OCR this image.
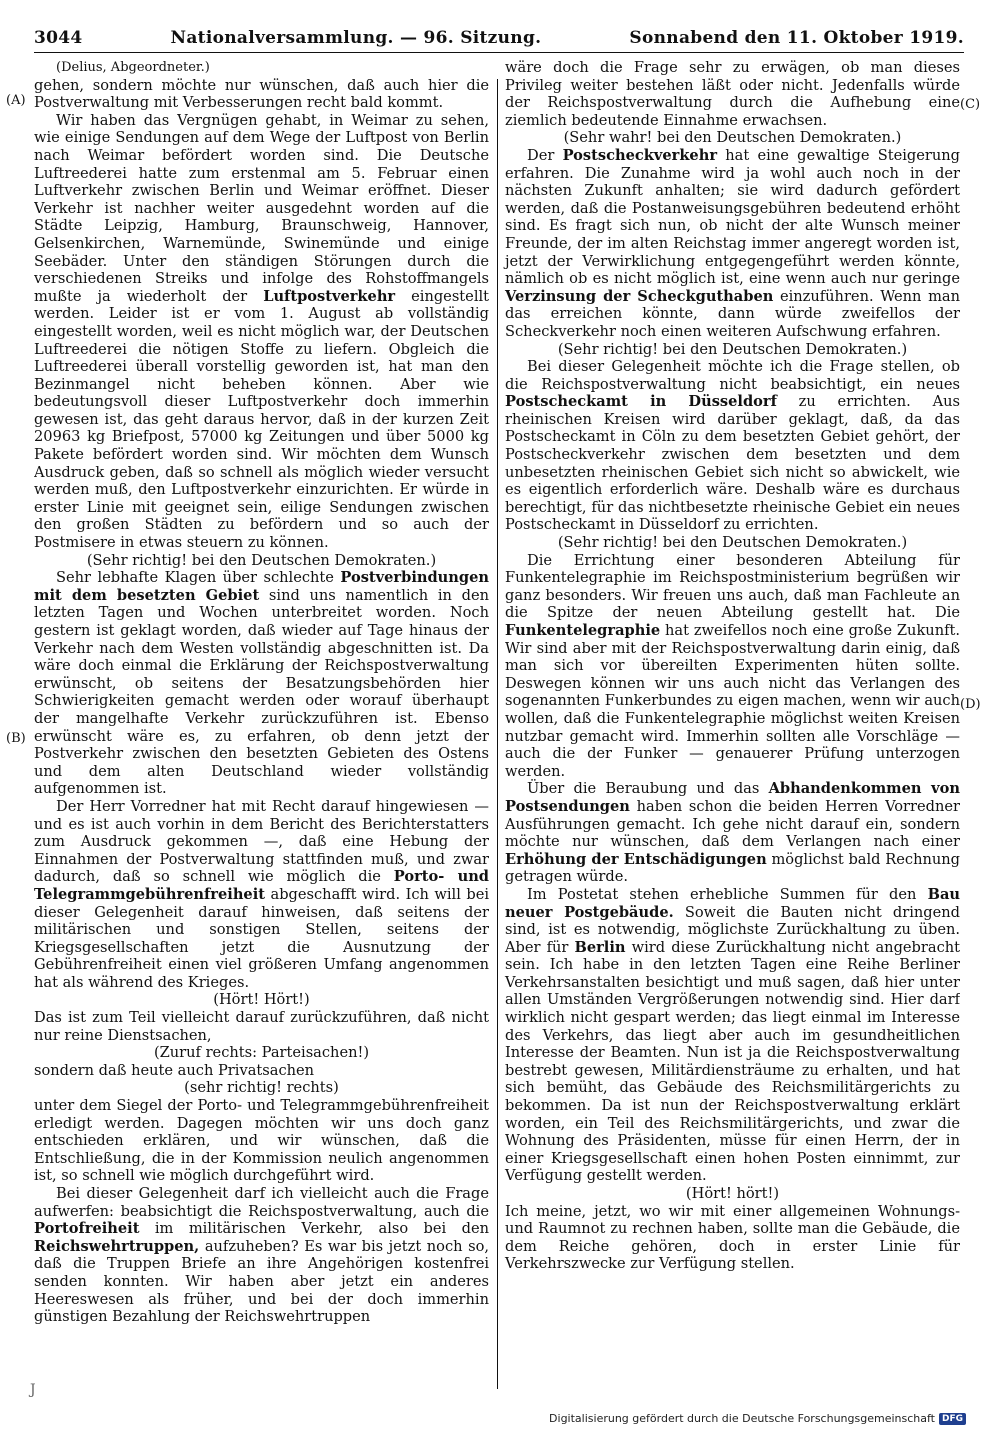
3044	Nationalversammlung. — 96. Sitzung.	Sonnabend den 11. Oktober 1919.

(Delius, Abgeordneter.)

gehen, sondern möchte nur wünschen, daß auch hier die Postverwaltung mit Verbesserungen recht bald kommt.

Wir haben das Vergnügen gehabt, in Weimar zu sehen, wie einige Sendungen auf dem Wege der Luftpost von Berlin nach Weimar befördert worden sind. Die Deutsche Luftreederei hatte zum erstenmal am 5. Februar einen Luftverkehr zwischen Berlin und Weimar eröffnet. Dieser Verkehr ist nachher weiter ausgedehnt worden auf die Städte Leipzig, Hamburg, Braunschweig, Hannover, Gelsenkirchen, Warnemünde, Swinemünde und einige Seebäder. Unter den ständigen Störungen durch die verschiedenen Streiks und infolge des Rohstoffmangels mußte ja wiederholt der Luftpostverkehr eingestellt werden. Leider ist er vom 1. August ab vollständig eingestellt worden, weil es nicht möglich war, der Deutschen Luftreederei die nötigen Stoffe zu liefern. Obgleich die Luftreederei überall vorstellig geworden ist, hat man den Bezinmangel nicht beheben können. Aber wie bedeutungsvoll dieser Luftpostverkehr doch immerhin gewesen ist, das geht daraus hervor, daß in der kurzen Zeit 20963 kg Briefpost, 57000 kg Zeitungen und über 5000 kg Pakete befördert worden sind. Wir möchten dem Wunsch Ausdruck geben, daß so schnell als möglich wieder versucht werden muß, den Luftpostverkehr einzurichten. Er würde in erster Linie mit geeignet sein, eilige Sendungen zwischen den großen Städten zu befördern und so auch der Postmisere in etwas steuern zu können.

(Sehr richtig! bei den Deutschen Demokraten.)

Sehr lebhafte Klagen über schlechte Postverbindungen mit dem besetzten Gebiet sind uns namentlich in den letzten Tagen und Wochen unterbreitet worden. Noch gestern ist geklagt worden, daß wieder auf Tage hinaus der Verkehr nach dem Westen vollständig abgeschnitten ist. Da wäre doch einmal die Erklärung der Reichspostverwaltung erwünscht, ob seitens der Besatzungsbehörden hier Schwierigkeiten gemacht werden oder worauf überhaupt der mangelhafte Verkehr zurückzuführen ist. Ebenso erwünscht wäre es, zu erfahren, ob denn jetzt der Postverkehr zwischen den besetzten Gebieten des Ostens und dem alten Deutschland wieder vollständig aufgenommen ist.

Der Herr Vorredner hat mit Recht darauf hingewiesen — und es ist auch vorhin in dem Bericht des Berichterstatters zum Ausdruck gekommen —, daß eine Hebung der Einnahmen der Postverwaltung stattfinden muß, und zwar dadurch, daß so schnell wie möglich die Porto- und Telegrammgebührenfreiheit abgeschafft wird. Ich will bei dieser Gelegenheit darauf hinweisen, daß seitens der militärischen und sonstigen Stellen, seitens der Kriegsgesellschaften jetzt die Ausnutzung der Gebührenfreiheit einen viel größeren Umfang angenommen hat als während des Krieges.

(Hört! Hört!)

Das ist zum Teil vielleicht darauf zurückzuführen, daß nicht nur reine Dienstsachen,

(Zuruf rechts: Parteisachen!)

sondern daß heute auch Privatsachen

(sehr richtig! rechts)

unter dem Siegel der Porto- und Telegrammgebührenfreiheit erledigt werden. Dagegen möchten wir uns doch ganz entschieden erklären, und wir wünschen, daß die Entschließung, die in der Kommission neulich angenommen ist, so schnell wie möglich durchgeführt wird.

Bei dieser Gelegenheit darf ich vielleicht auch die Frage aufwerfen: beabsichtigt die Reichspostverwaltung, auch die Portofreiheit im militärischen Verkehr, also bei den Reichswehrtruppen, aufzuheben? Es war bis jetzt noch so, daß die Truppen Briefe an ihre Angehörigen kostenfrei senden konnten. Wir haben aber jetzt ein anderes Heereswesen als früher, und bei der doch immerhin günstigen Bezahlung der Reichswehrtruppen

wäre doch die Frage sehr zu erwägen, ob man dieses Privileg weiter bestehen läßt oder nicht. Jedenfalls würde der Reichspostverwaltung durch die Aufhebung eine ziemlich bedeutende Einnahme erwachsen.

(Sehr wahr! bei den Deutschen Demokraten.)

Der Postscheckverkehr hat eine gewaltige Steigerung erfahren. Die Zunahme wird ja wohl auch noch in der nächsten Zukunft anhalten; sie wird dadurch gefördert werden, daß die Postanweisungsgebühren bedeutend erhöht sind. Es fragt sich nun, ob nicht der alte Wunsch meiner Freunde, der im alten Reichstag immer angeregt worden ist, jetzt der Verwirklichung entgegengeführt werden könnte, nämlich ob es nicht möglich ist, eine wenn auch nur geringe Verzinsung der Scheckguthaben einzuführen. Wenn man das erreichen könnte, dann würde zweifellos der Scheckverkehr noch einen weiteren Aufschwung erfahren.

(Sehr richtig! bei den Deutschen Demokraten.)

Bei dieser Gelegenheit möchte ich die Frage stellen, ob die Reichspostverwaltung nicht beabsichtigt, ein neues Postscheckamt in Düsseldorf zu errichten. Aus rheinischen Kreisen wird darüber geklagt, daß, da das Postscheckamt in Cöln zu dem besetzten Gebiet gehört, der Postscheckverkehr zwischen dem besetzten und dem unbesetzten rheinischen Gebiet sich nicht so abwickelt, wie es eigentlich erforderlich wäre. Deshalb wäre es durchaus berechtigt, für das nichtbesetzte rheinische Gebiet ein neues Postscheckamt in Düsseldorf zu errichten.

(Sehr richtig! bei den Deutschen Demokraten.)

Die Errichtung einer besonderen Abteilung für Funkentelegraphie im Reichspostministerium begrüßen wir ganz besonders. Wir freuen uns auch, daß man Fachleute an die Spitze der neuen Abteilung gestellt hat. Die Funkentelegraphie hat zweifellos noch eine große Zukunft. Wir sind aber mit der Reichspostverwaltung darin einig, daß man sich vor übereilten Experimenten hüten sollte. Deswegen können wir uns auch nicht das Verlangen des sogenannten Funkerbundes zu eigen machen, wenn wir auch wollen, daß die Funkentelegraphie möglichst weiten Kreisen nutzbar gemacht wird. Immerhin sollten alle Vorschläge — auch die der Funker — genauerer Prüfung unterzogen werden.

Über die Beraubung und das Abhandenkommen von Postsendungen haben schon die beiden Herren Vorredner Ausführungen gemacht. Ich gehe nicht darauf ein, sondern möchte nur wünschen, daß dem Verlangen nach einer Erhöhung der Entschädigungen möglichst bald Rechnung getragen würde.

Im Postetat stehen erhebliche Summen für den Bau neuer Postgebäude. Soweit die Bauten nicht dringend sind, ist es notwendig, möglichste Zurückhaltung zu üben. Aber für Berlin wird diese Zurückhaltung nicht angebracht sein. Ich habe in den letzten Tagen eine Reihe Berliner Verkehrsanstalten besichtigt und muß sagen, daß hier unter allen Umständen Vergrößerungen notwendig sind. Hier darf wirklich nicht gespart werden; das liegt einmal im Interesse des Verkehrs, das liegt aber auch im gesundheitlichen Interesse der Beamten. Nun ist ja die Reichspostverwaltung bestrebt gewesen, Militärdiensträume zu erhalten, und hat sich bemüht, das Gebäude des Reichsmilitärgerichts zu bekommen. Da ist nun der Reichspostverwaltung erklärt worden, ein Teil des Reichsmilitärgerichts, und zwar die Wohnung des Präsidenten, müsse für einen Herrn, der in einer Kriegsgesellschaft einen hohen Posten einnimmt, zur Verfügung gestellt werden.

(Hört! hört!)

Ich meine, jetzt, wo wir mit einer allgemeinen Wohnungs- und Raumnot zu rechnen haben, sollte man die Gebäude, die dem Reiche gehören, doch in erster Linie für Verkehrszwecke zur Verfügung stellen.

(A)
(B)
(C)
(D)
J
Digitalisierung gefördert durch die Deutsche Forschungsgemeinschaft DFG
